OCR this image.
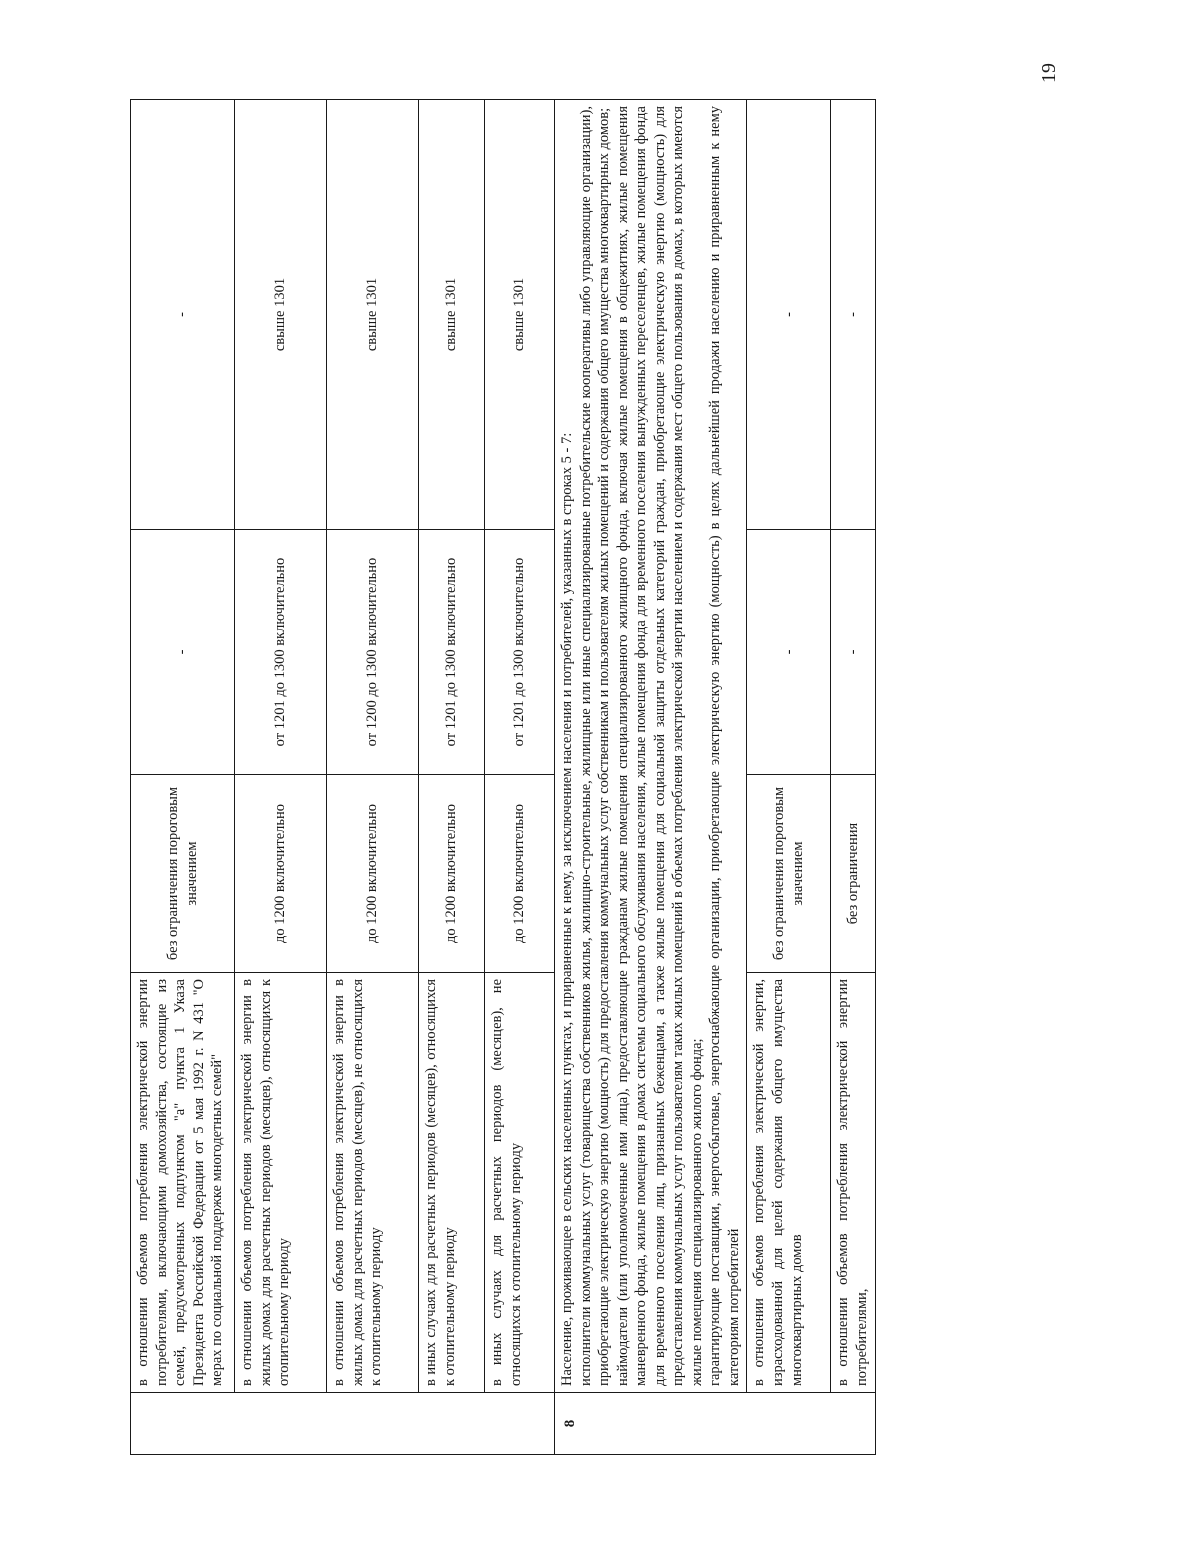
19
	в отношении объемов потребления электрической энергии потребителями, включающими домохозяйства, состоящие из семей, предусмотренных подпунктом "а" пункта 1 Указа Президента Российской Федерации от 5 мая 1992 г. N 431 "О мерах по социальной поддержке многодетных семей"	без ограничения пороговым значением	-	-
	в отношении объемов потребления электрической энергии в жилых домах для расчетных периодов (месяцев), относящихся к отопительному периоду	до 1200 включительно	от 1201 до 1300 включительно	свыше 1301
	в отношении объемов потребления электрической энергии в жилых домах для расчетных периодов (месяцев), не относящихся к отопительному периоду	до 1200 включительно	от 1200 до 1300 включительно	свыше 1301
	в иных случаях для расчетных периодов (месяцев), относящихся к отопительному периоду	до 1200 включительно	от 1201 до 1300 включительно	свыше 1301
	в иных случаях для расчетных периодов (месяцев), не относящихся к отопительному периоду	до 1200 включительно	от 1201 до 1300 включительно	свыше 1301
8	Население, проживающее в сельских населенных пунктах, и приравненные к нему, за исключением населения и потребителей, указанных в строках 5 - 7: исполнители коммунальных услуг (товарищества собственников жилья, жилищно-строительные, жилищные или иные специализированные потребительские кооперативы либо управляющие организации), приобретающие электрическую энергию (мощность) для предоставления коммунальных услуг собственникам и пользователям жилых помещений и содержания общего имущества многоквартирных домов; наймодатели (или уполномоченные ими лица), предоставляющие гражданам жилые помещения специализированного жилищного фонда, включая жилые помещения в общежитиях, жилые помещения маневренного фонда, жилые помещения в домах системы социального обслуживания населения, жилые помещения фонда для временного поселения вынужденных переселенцев, жилые помещения фонда для временного поселения лиц, признанных беженцами, а также жилые помещения для социальной защиты отдельных категорий граждан, приобретающие электрическую энергию (мощность) для предоставления коммунальных услуг пользователям таких жилых помещений в объемах потребления электрической энергии населением и содержания мест общего пользования в домах, в которых имеются жилые помещения специализированного жилого фонда; гарантирующие поставщики, энергосбытовые, энергоснабжающие организации, приобретающие электрическую энергию (мощность) в целях дальнейшей продажи населению и приравненным к нему категориям потребителей			

	в отношении объемов потребления электрической энергии, израсходованной для целей содержания общего имущества многоквартирных домов	без ограничения пороговым значением	-	-
	в отношении объемов потребления электрической энергии потребителями,	без ограничения	-	-
